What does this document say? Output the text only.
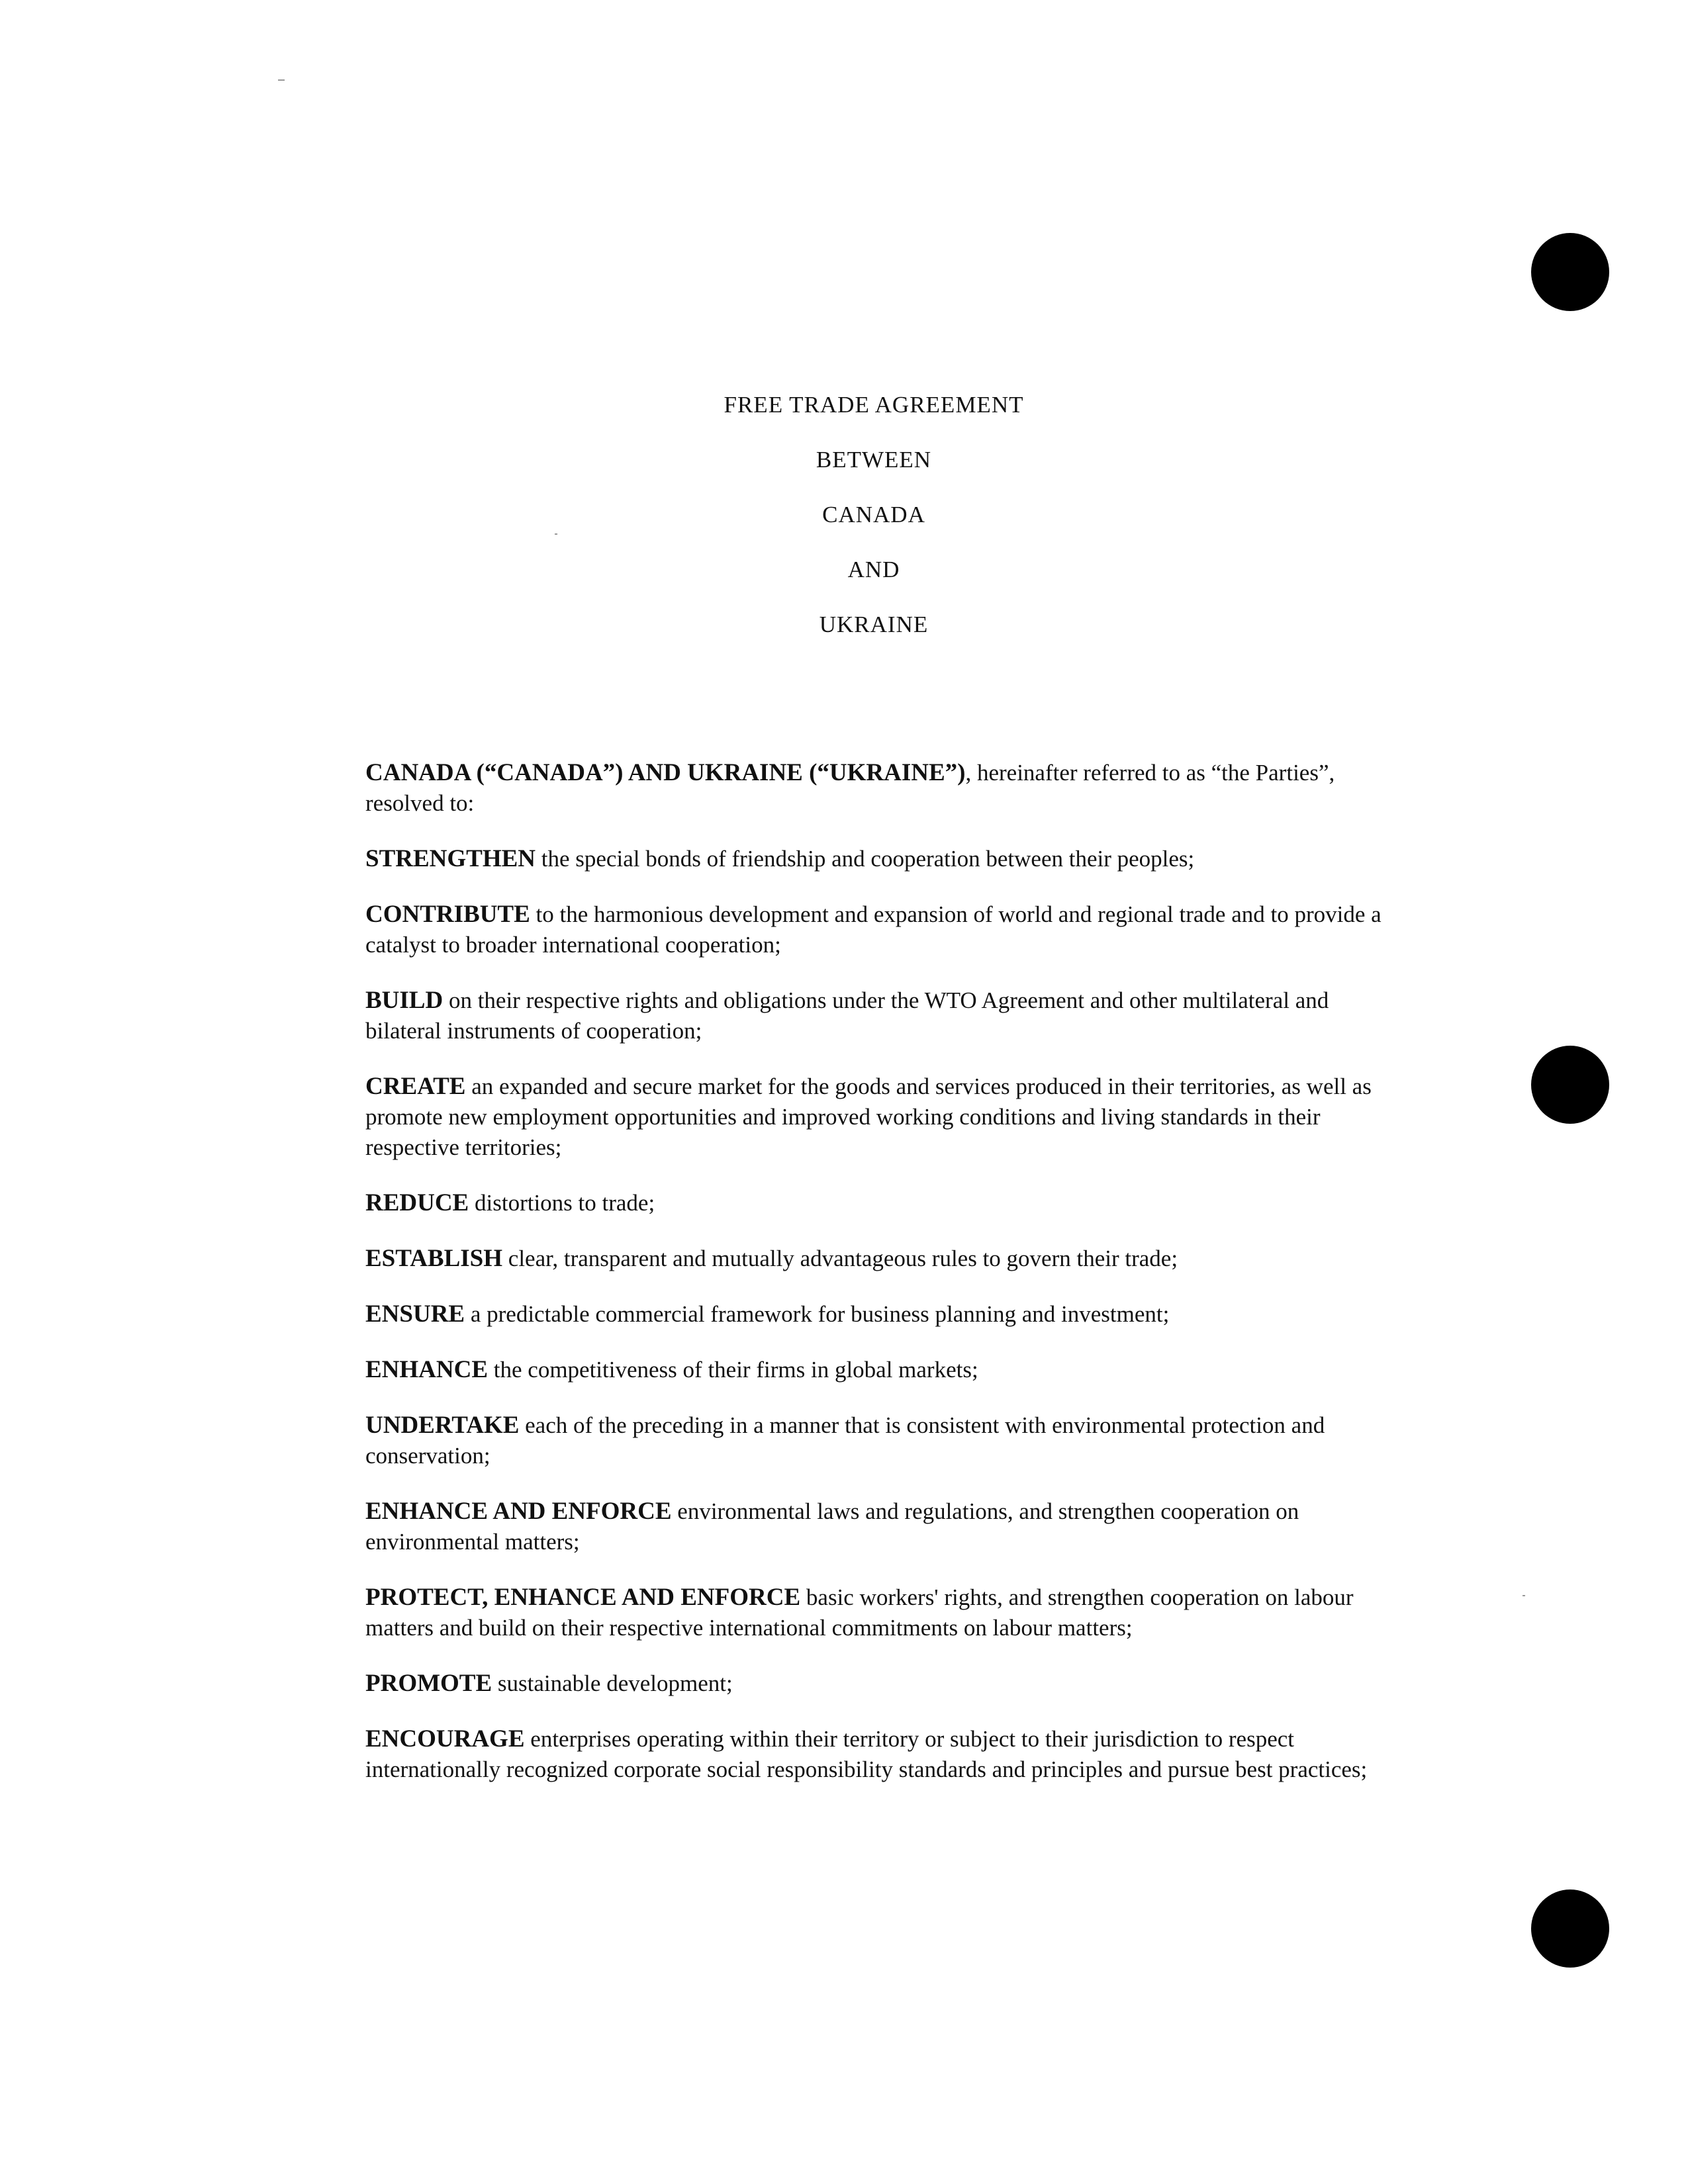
FREE TRADE AGREEMENT
BETWEEN
CANADA
AND
UKRAINE

CANADA (“CANADA”) AND UKRAINE (“UKRAINE”), hereinafter referred to as “the Parties”, resolved to:

STRENGTHEN the special bonds of friendship and cooperation between their peoples;

CONTRIBUTE to the harmonious development and expansion of world and regional trade and to provide a catalyst to broader international cooperation;

BUILD on their respective rights and obligations under the WTO Agreement and other multilateral and bilateral instruments of cooperation;

CREATE an expanded and secure market for the goods and services produced in their territories, as well as promote new employment opportunities and improved working conditions and living standards in their respective territories;

REDUCE distortions to trade;

ESTABLISH clear, transparent and mutually advantageous rules to govern their trade;

ENSURE a predictable commercial framework for business planning and investment;

ENHANCE the competitiveness of their firms in global markets;

UNDERTAKE each of the preceding in a manner that is consistent with environmental protection and conservation;

ENHANCE AND ENFORCE environmental laws and regulations, and strengthen cooperation on environmental matters;

PROTECT, ENHANCE AND ENFORCE basic workers' rights, and strengthen cooperation on labour matters and build on their respective international commitments on labour matters;

PROMOTE sustainable development;

ENCOURAGE enterprises operating within their territory or subject to their jurisdiction to respect internationally recognized corporate social responsibility standards and principles and pursue best practices;
